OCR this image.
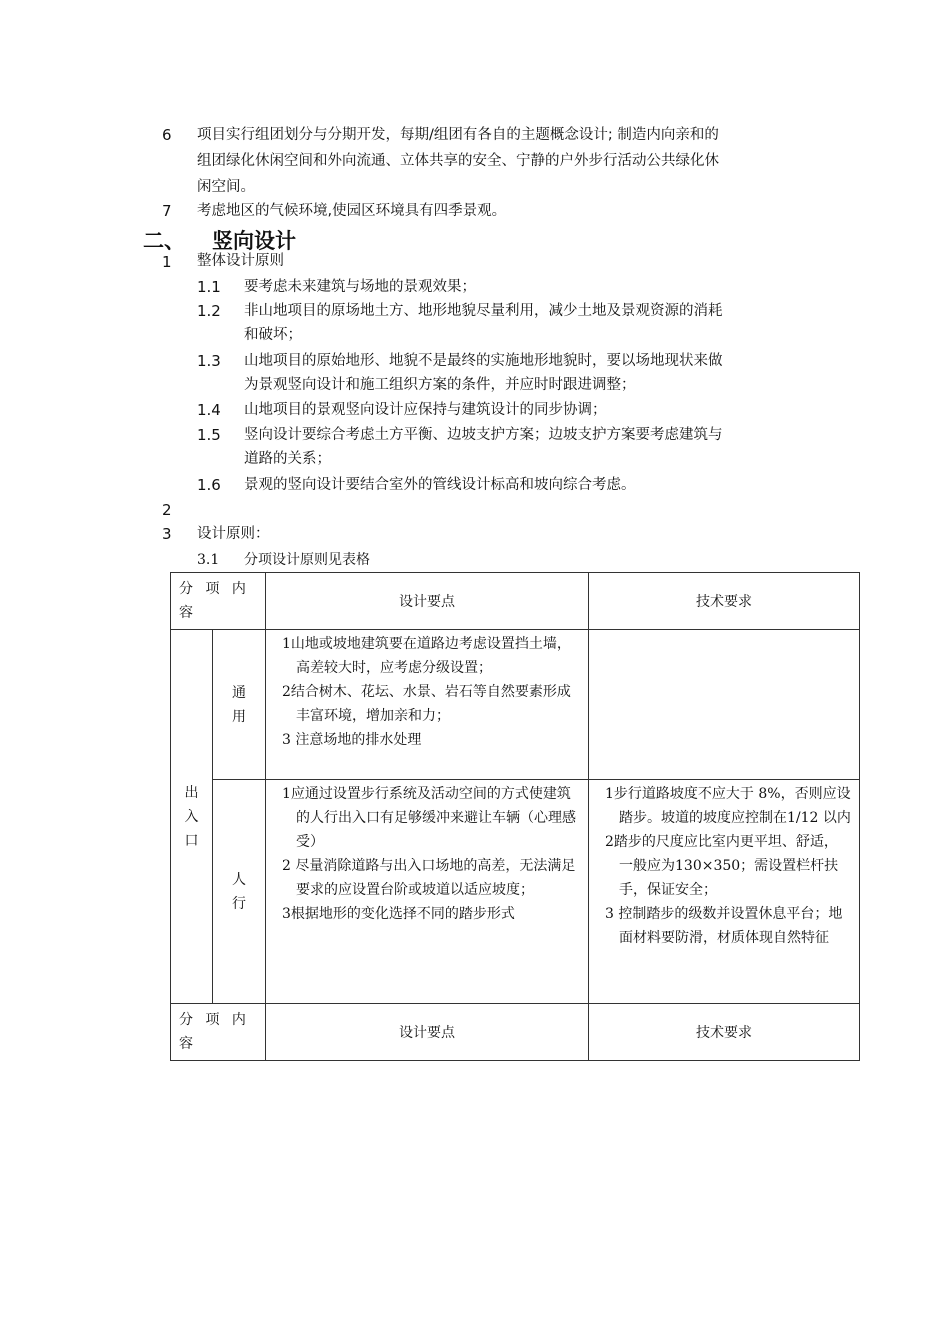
6 项目实行组团划分与分期开发，每期/组团有各自的主题概念设计; 制造内向亲和的
组团绿化休闲空间和外向流通、立体共享的安全、宁静的户外步行活动公共绿化休
闲空间。
7 考虑地区的气候环境,使园区环境具有四季景观。
二、 竖向设计
1 整体设计原则
1.1 要考虑未来建筑与场地的景观效果；
1.2 非山地项目的原场地土方、地形地貌尽量利用，减少土地及景观资源的消耗
和破坏；
1.3 山地项目的原始地形、地貌不是最终的实施地形地貌时，要以场地现状来做
为景观竖向设计和施工组织方案的条件，并应时时跟进调整；
1.4 山地项目的景观竖向设计应保持与建筑设计的同步协调；
1.5 竖向设计要综合考虑土方平衡、边坡支护方案；边坡支护方案要考虑建筑与
道路的关系；
1.6 景观的竖向设计要结合室外的管线设计标高和坡向综合考虑。
2
3 设计原则：
3.1 分项设计原则见表格
分 项 内 容		设计要点	技术要求
出入口	通用	1山地或坡地建筑要在道路边考虑设置挡土墙，高差较大时，应考虑分级设置；
2结合树木、花坛、水景、岩石等自然要素形成丰富环境，增加亲和力；
3 注意场地的排水处理	

	人行	1应通过设置步行系统及活动空间的方式使建筑的人行出入口有足够缓冲来避让车辆（心理感受）
2 尽量消除道路与出入口场地的高差，无法满足要求的应设置台阶或坡道以适应坡度；
3根据地形的变化选择不同的踏步形式	1步行道路坡度不应大于 8%，否则应设踏步。坡道的坡度应控制在1/12 以内
2踏步的尺度应比室内更平坦、舒适，一般应为130×350；需设置栏杆扶手，保证安全；
3 控制踏步的级数并设置休息平台；地面材料要防滑，材质体现自然特征

分 项 内 容		设计要点	技术要求
